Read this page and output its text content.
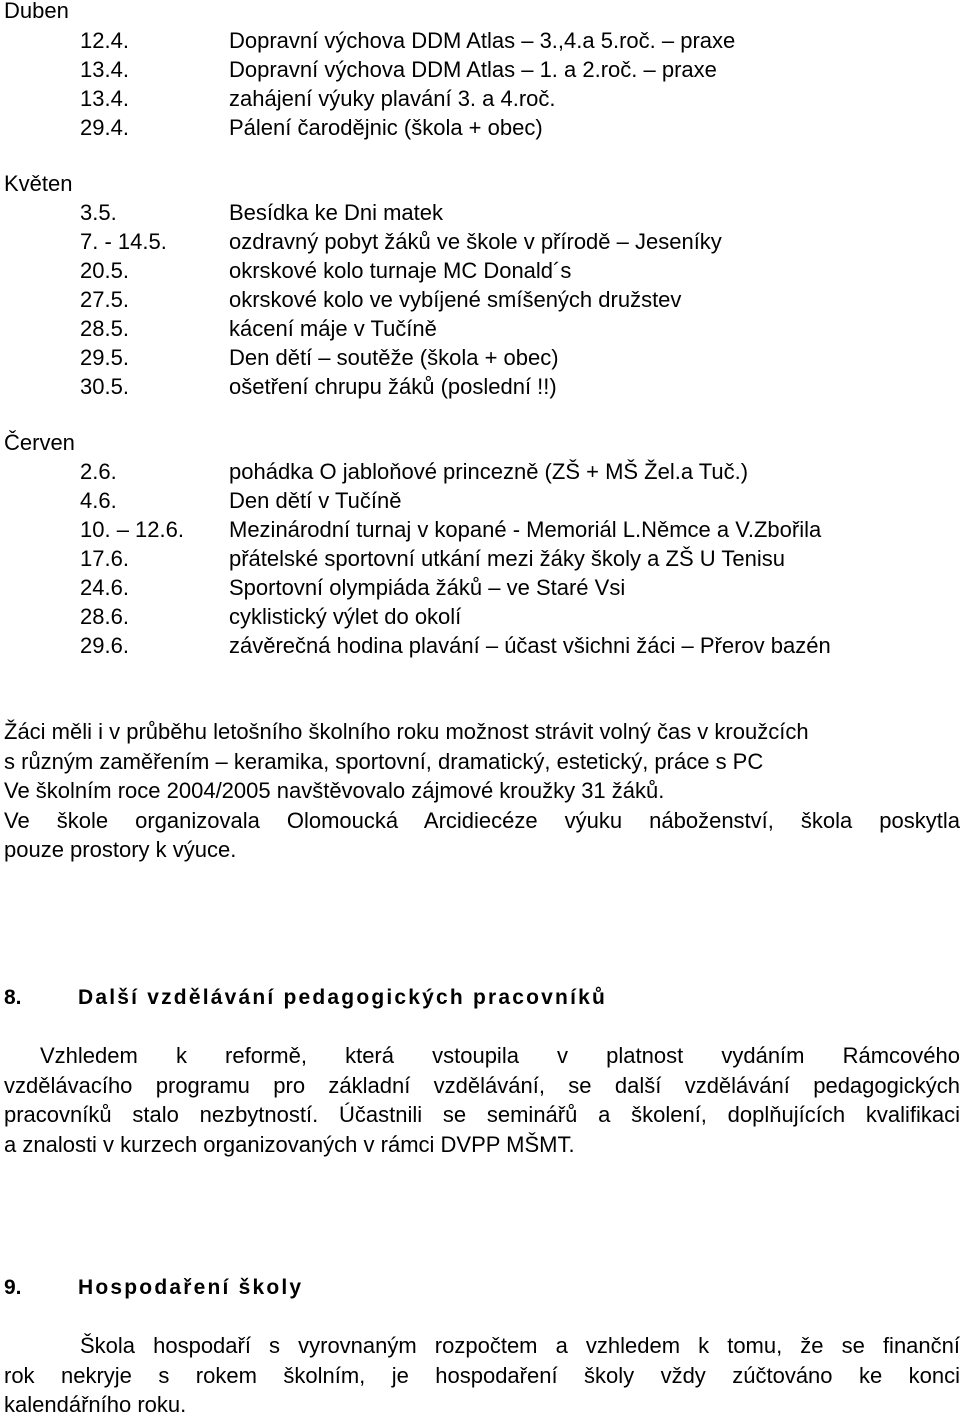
Duben
12.4.	Dopravní výchova DDM Atlas – 3.,4.a 5.roč. – praxe
13.4.	Dopravní výchova DDM Atlas – 1. a 2.roč. – praxe
13.4.	zahájení výuky plavání 3. a 4.roč.
29.4.	Pálení čarodějnic (škola + obec)
Květen
3.5.	Besídka ke Dni matek
7. - 14.5.	ozdravný pobyt žáků ve škole v přírodě – Jeseníky
20.5.	okrskové kolo turnaje MC Donald´s
27.5.	okrskové kolo ve vybíjené smíšených družstev
28.5.	kácení máje v Tučíně
29.5.	Den dětí – soutěže (škola + obec)
30.5.	ošetření chrupu žáků (poslední !!)
Červen
2.6.	pohádka O jabloňové princezně (ZŠ + MŠ Žel.a Tuč.)
4.6.	Den dětí v Tučíně
10. – 12.6. Mezinárodní turnaj v kopané - Memoriál L.Němce a V.Zbořila
17.6.	přátelské sportovní utkání mezi žáky školy a ZŠ U Tenisu
24.6.	Sportovní olympiáda žáků – ve Staré Vsi
28.6.	cyklistický výlet do okolí
29.6.	závěrečná hodina plavání – účast všichni žáci – Přerov bazén
Žáci měli i v průběhu letošního školního roku možnost strávit volný čas v kroužcích
s různým zaměřením – keramika, sportovní, dramatický, estetický, práce s PC
Ve školním roce 2004/2005 navštěvovalo zájmové kroužky 31 žáků.
Ve škole organizovala Olomoucká Arcidiecéze výuku náboženství, škola poskytla
pouze prostory k výuce.
8.	Další vzdělávání pedagogických pracovníků
Vzhledem k reformě, která vstoupila v platnost vydáním Rámcového
vzdělávacího programu pro základní vzdělávání, se další vzdělávání pedagogických
pracovníků stalo nezbytností. Účastnili se seminářů a školení, doplňujících kvalifikaci
a znalosti v kurzech organizovaných v rámci DVPP MŠMT.
9.	Hospodaření školy
Škola hospodaří s vyrovnaným rozpočtem a vzhledem k tomu, že se finanční
rok nekryje s rokem školním, je hospodaření školy vždy zúčtováno ke konci
kalendářního roku.
